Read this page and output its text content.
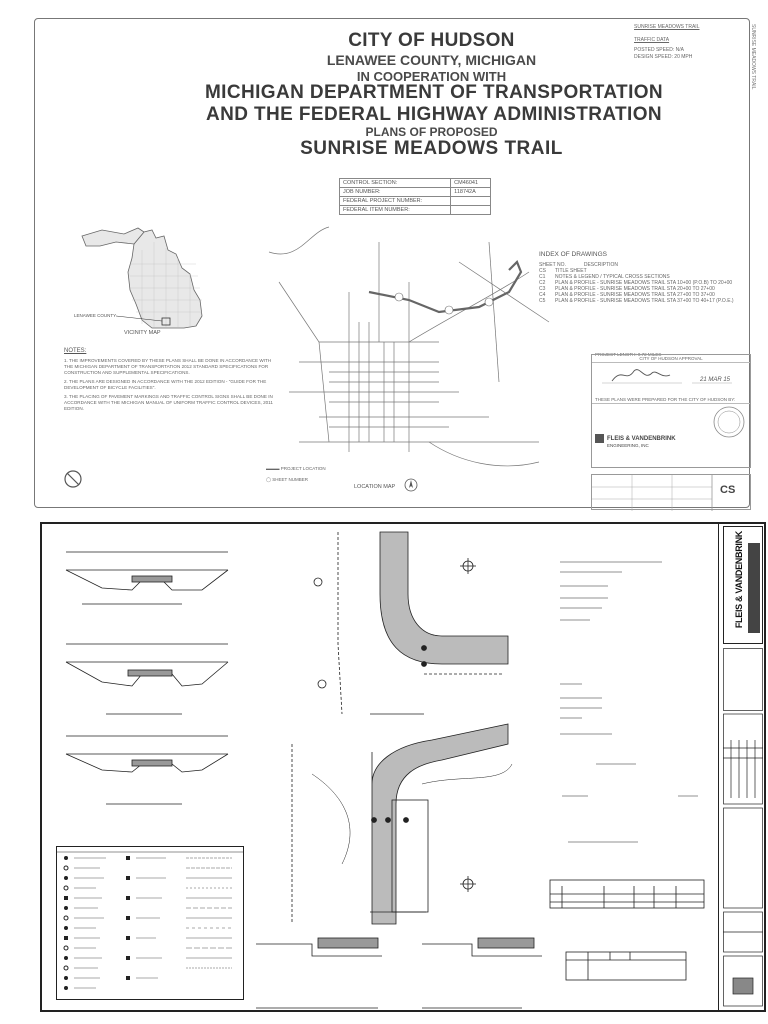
CITY OF HUDSON
LENAWEE COUNTY, MICHIGAN
IN COOPERATION WITH
MICHIGAN DEPARTMENT OF TRANSPORTATION
AND THE FEDERAL HIGHWAY ADMINISTRATION
PLANS OF PROPOSED
SUNRISE MEADOWS TRAIL
SUNRISE MEADOWS TRAIL
TRAFFIC DATA
POSTED SPEED: N/A
DESIGN SPEED: 20 MPH	SUNRISE MEADOWS TRAIL
CONTROL SECTION:	CM46041
JOB NUMBER:	118742A
FEDERAL PROJECT NUMBER:	
FEDERAL ITEM NUMBER:	
LENAWEE COUNTY
VICINITY MAP
NOTES:

1. THE IMPROVEMENTS COVERED BY THESE PLANS SHALL BE DONE IN ACCORDANCE WITH THE MICHIGAN DEPARTMENT OF TRANSPORTATION 2012 STANDARD SPECIFICATIONS FOR CONSTRUCTION AND SUPPLEMENTAL SPECIFICATIONS.

2. THE PLANS ARE DESIGNED IN ACCORDANCE WITH THE 2012 EDITION - "GUIDE FOR THE DEVELOPMENT OF BICYCLE FACILITIES".

3. THE PLACING OF PAVEMENT MARKINGS AND TRAFFIC CONTROL SIGNS SHALL BE DONE IN ACCORDANCE WITH THE MICHIGAN MANUAL OF UNIFORM TRAFFIC CONTROL DEVICES, 2011 EDITION.

▬▬▬ PROJECT LOCATION
◯ SHEET NUMBER
LOCATION MAP
INDEX OF DRAWINGS
SHEET NO.	DESCRIPTION
CS	TITLE SHEET
C1	NOTES & LEGEND / TYPICAL CROSS SECTIONS
C2	PLAN & PROFILE - SUNRISE MEADOWS TRAIL STA 10+00 (P.O.B) TO 20+00
C3	PLAN & PROFILE - SUNRISE MEADOWS TRAIL STA 20+00 TO 27+00
C4	PLAN & PROFILE - SUNRISE MEADOWS TRAIL STA 27+00 TO 37+00
C5	PLAN & PROFILE - SUNRISE MEADOWS TRAIL STA 37+00 TO 40+17 (P.O.E.)
PROJECT LENGTH: 0.72 MILES
CITY OF HUDSON APPROVAL
21 MAR 15
THESE PLANS WERE PREPARED FOR THE CITY OF HUDSON BY:
FLEIS & VANDENBRINK
ENGINEERING, INC
CS
FLEIS & VANDENBRINK
